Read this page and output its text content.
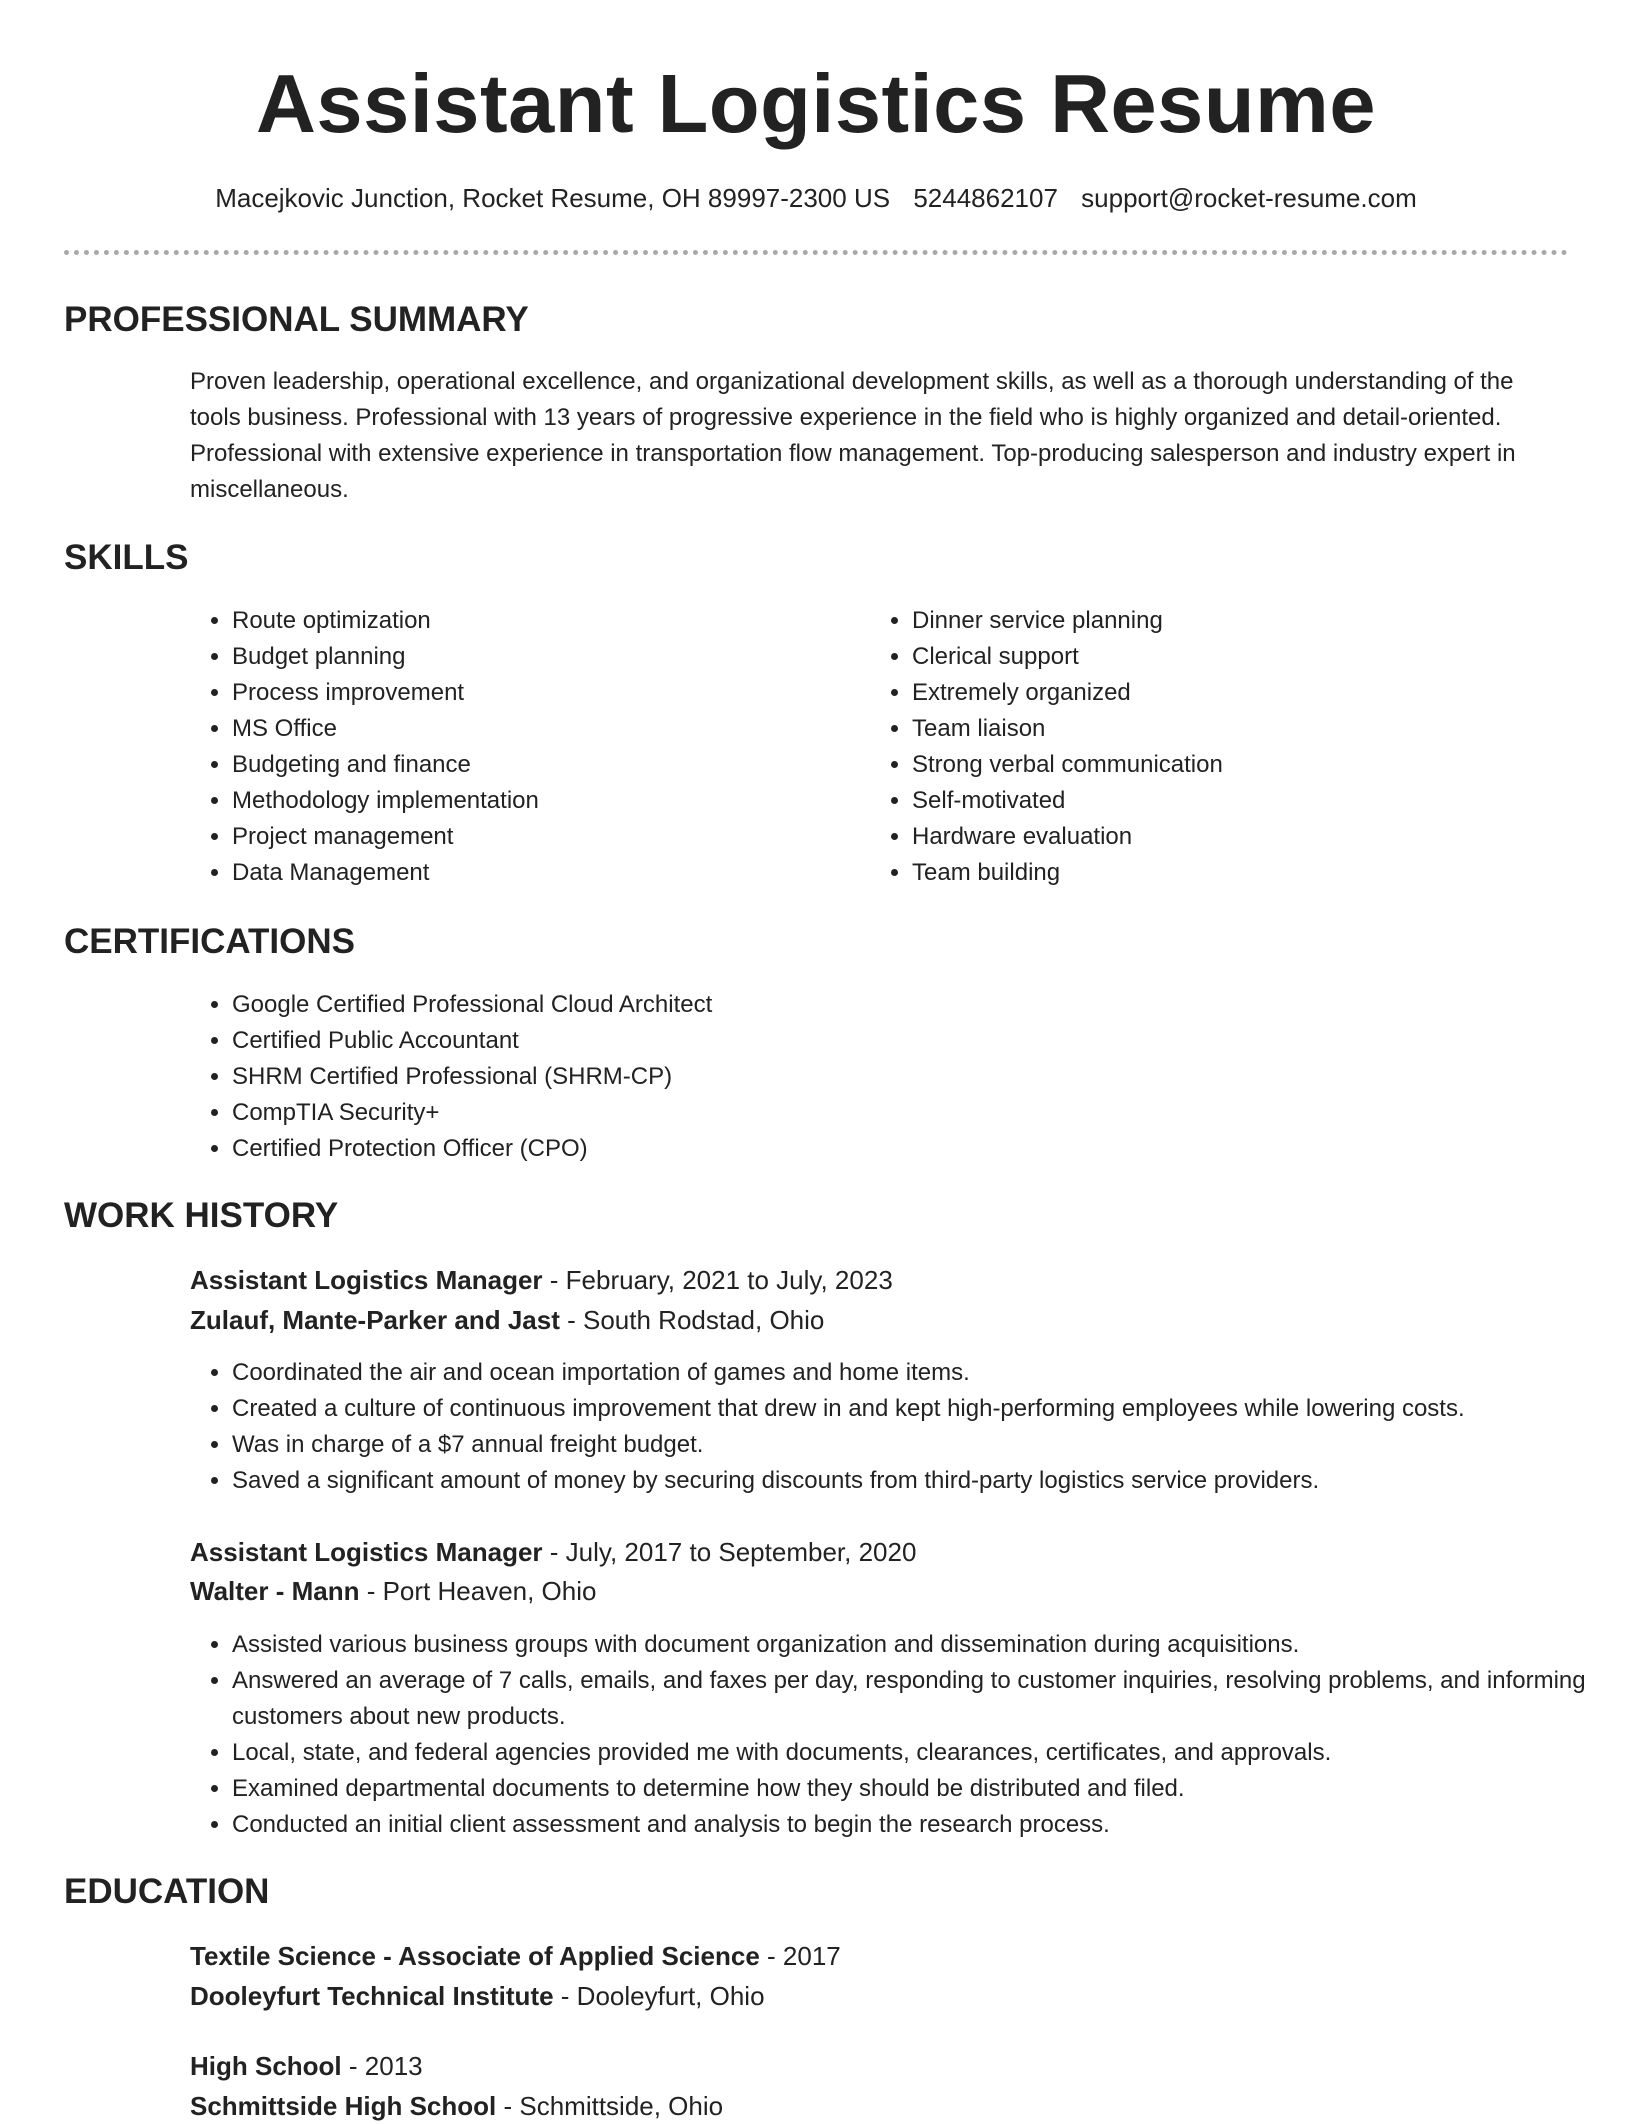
Assistant Logistics Resume
Macejkovic Junction, Rocket Resume, OH 89997-2300 US 5244862107 support@rocket-resume.com
PROFESSIONAL SUMMARY

Proven leadership, operational excellence, and organizational development skills, as well as a thorough understanding of the tools business. Professional with 13 years of progressive experience in the field who is highly organized and detail-oriented. Professional with extensive experience in transportation flow management. Top-producing salesperson and industry expert in miscellaneous.

SKILLS
• Route optimization
• Budget planning
• Process improvement
• MS Office
• Budgeting and finance
• Methodology implementation
• Project management
• Data Management
• Dinner service planning
• Clerical support
• Extremely organized
• Team liaison
• Strong verbal communication
• Self-motivated
• Hardware evaluation
• Team building
CERTIFICATIONS
• Google Certified Professional Cloud Architect
• Certified Public Accountant
• SHRM Certified Professional (SHRM-CP)
• CompTIA Security+
• Certified Protection Officer (CPO)
WORK HISTORY
Assistant Logistics Manager - February, 2021 to July, 2023
Zulauf, Mante-Parker and Jast - South Rodstad, Ohio
• Coordinated the air and ocean importation of games and home items.
• Created a culture of continuous improvement that drew in and kept high-performing employees while lowering costs.
• Was in charge of a $7 annual freight budget.
• Saved a significant amount of money by securing discounts from third-party logistics service providers.
Assistant Logistics Manager - July, 2017 to September, 2020
Walter - Mann - Port Heaven, Ohio
• Assisted various business groups with document organization and dissemination during acquisitions.
• Answered an average of 7 calls, emails, and faxes per day, responding to customer inquiries, resolving problems, and informing customers about new products.
• Local, state, and federal agencies provided me with documents, clearances, certificates, and approvals.
• Examined departmental documents to determine how they should be distributed and filed.
• Conducted an initial client assessment and analysis to begin the research process.
EDUCATION
Textile Science - Associate of Applied Science - 2017
Dooleyfurt Technical Institute - Dooleyfurt, Ohio
High School - 2013
Schmittside High School - Schmittside, Ohio
